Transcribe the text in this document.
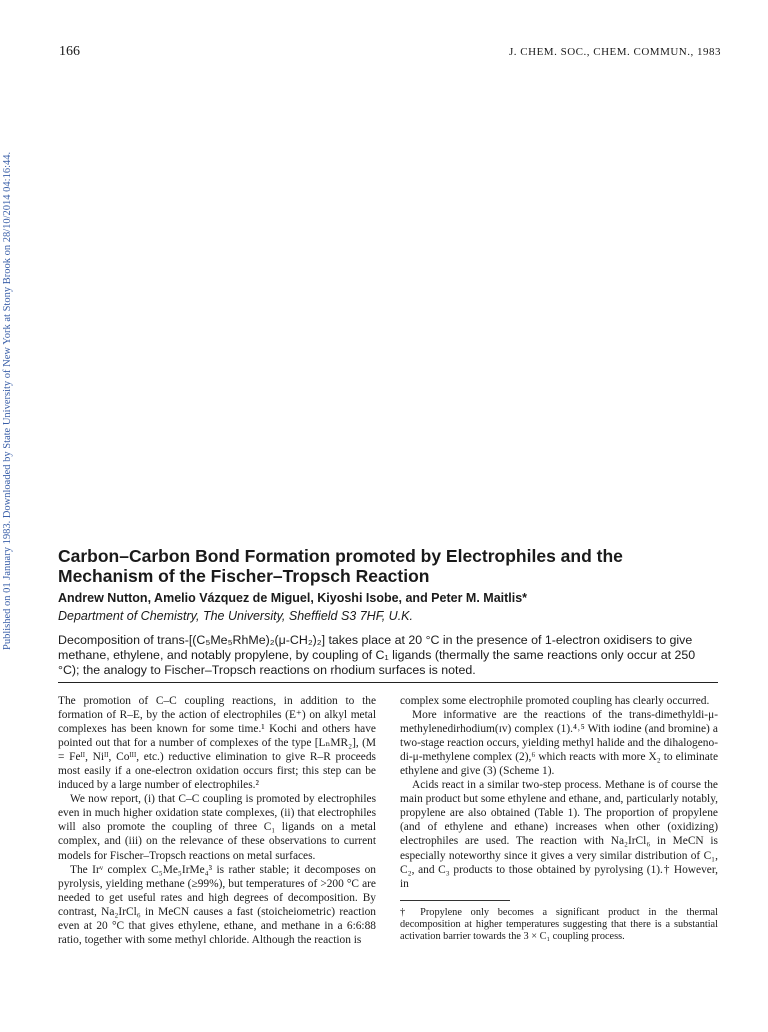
166	J. CHEM. SOC., CHEM. COMMUN., 1983
Published on 01 January 1983. Downloaded by State University of New York at Stony Brook on 28/10/2014 04:16:44.	Carbon–Carbon Bond Formation promoted by Electrophiles and the Mechanism of the Fischer–Tropsch Reaction
Andrew Nutton, Amelio Vázquez de Miguel, Kiyoshi Isobe, and Peter M. Maitlis*
Department of Chemistry, The University, Sheffield S3 7HF, U.K.

Decomposition of trans-[(C₅Me₅RhMe)₂(μ-CH₂)₂] takes place at 20 °C in the presence of 1-electron oxidisers to give methane, ethylene, and notably propylene, by coupling of C₁ ligands (thermally the same reactions only occur at 250 °C); the analogy to Fischer–Tropsch reactions on rhodium surfaces is noted.

The promotion of C–C coupling reactions, in addition to the formation of R–E, by the action of electrophiles (E⁺) on alkyl metal complexes has been known for some time.¹ Kochi and others have pointed out that for a number of complexes of the type [LₙMR₂], (M = Feᴵᴵ, Niᴵᴵ, Coᴵᴵᴵ, etc.) reductive elimination to give R–R proceeds most easily if a one-electron oxidation occurs first; this step can be induced by a large number of electrophiles.²

We now report, (i) that C–C coupling is promoted by electrophiles even in much higher oxidation state complexes, (ii) that electrophiles will also promote the coupling of three C₁ ligands on a metal complex, and (iii) on the relevance of these observations to current models for Fischer–Tropsch reactions on metal surfaces.

The Irᵛ complex C₅Me₅IrMe₄³ is rather stable; it decomposes on pyrolysis, yielding methane (≥99%), but temperatures of >200 °C are needed to get useful rates and high degrees of decomposition. By contrast, Na₂IrCl₆ in MeCN causes a fast (stoicheiometric) reaction even at 20 °C that gives ethylene, ethane, and methane in a 6:6:88 ratio, together with some methyl chloride. Although the reaction is

complex some electrophile promoted coupling has clearly occurred.

More informative are the reactions of the trans-dimethyldi-μ-methylenedirhodium(ɪᴠ) complex (1).⁴˒⁵ With iodine (and bromine) a two-stage reaction occurs, yielding methyl halide and the dihalogeno-di-μ-methylene complex (2),⁶ which reacts with more X₂ to eliminate ethylene and give (3) (Scheme 1).

Acids react in a similar two-step process. Methane is of course the main product but some ethylene and ethane, and, particularly notably, propylene are also obtained (Table 1). The proportion of propylene (and of ethylene and ethane) increases when other (oxidizing) electrophiles are used. The reaction with Na₂IrCl₆ in MeCN is especially noteworthy since it gives a very similar distribution of C₁, C₂, and C₃ products to those obtained by pyrolysing (1).† However, in

† Propylene only becomes a significant product in the thermal decomposition at higher temperatures suggesting that there is a substantial activation barrier towards the 3 × C₁ coupling process.
